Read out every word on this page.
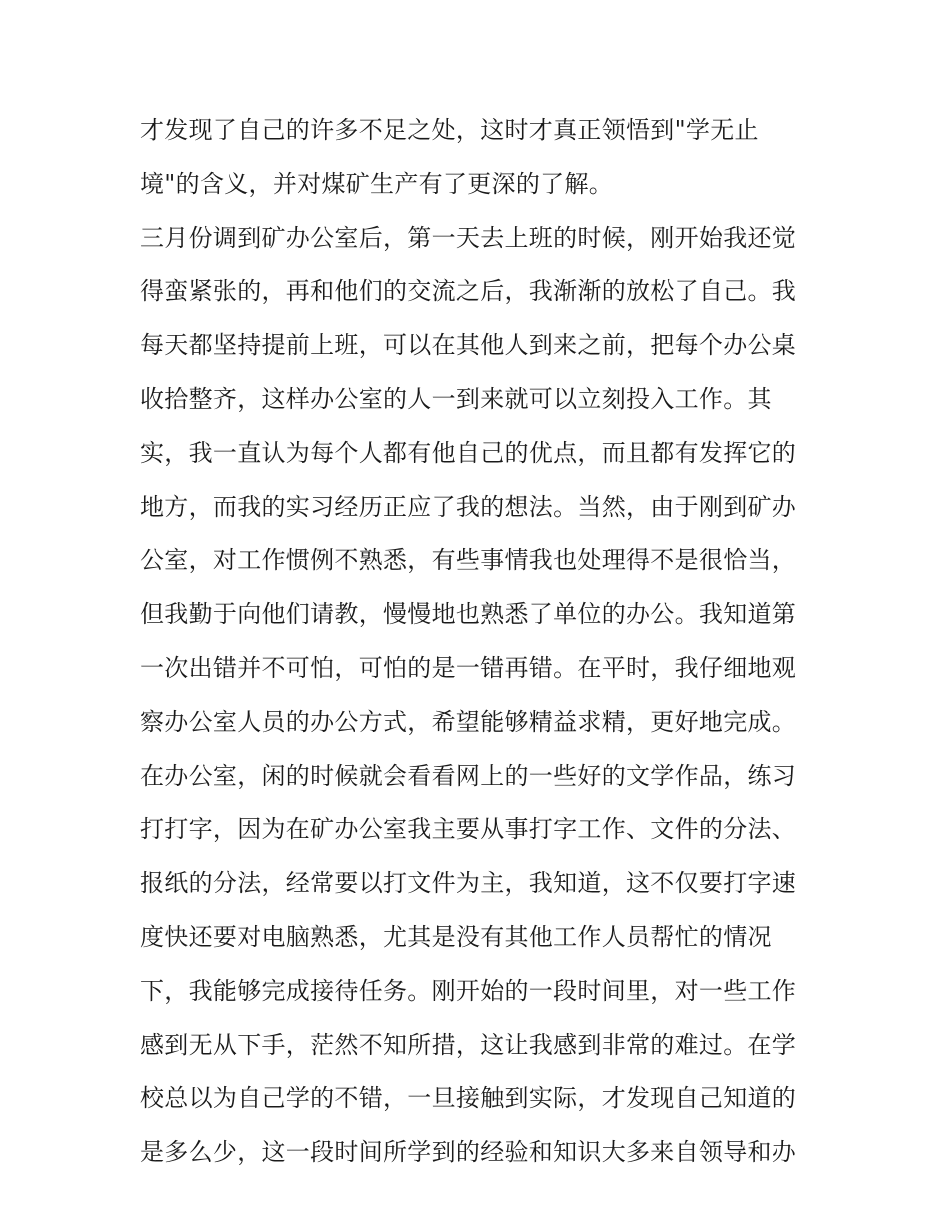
才发现了自己的许多不足之处，这时才真正领悟到"学无止
境"的含义，并对煤矿生产有了更深的了解。
三月份调到矿办公室后，第一天去上班的时候，刚开始我还觉
得蛮紧张的，再和他们的交流之后，我渐渐的放松了自己。我
每天都坚持提前上班，可以在其他人到来之前，把每个办公桌
收拾整齐，这样办公室的人一到来就可以立刻投入工作。其
实，我一直认为每个人都有他自己的优点，而且都有发挥它的
地方，而我的实习经历正应了我的想法。当然，由于刚到矿办
公室，对工作惯例不熟悉，有些事情我也处理得不是很恰当，
但我勤于向他们请教，慢慢地也熟悉了单位的办公。我知道第
一次出错并不可怕，可怕的是一错再错。在平时，我仔细地观
察办公室人员的办公方式，希望能够精益求精，更好地完成。
在办公室，闲的时候就会看看网上的一些好的文学作品，练习
打打字，因为在矿办公室我主要从事打字工作、文件的分法、
报纸的分法，经常要以打文件为主，我知道，这不仅要打字速
度快还要对电脑熟悉，尤其是没有其他工作人员帮忙的情况
下，我能够完成接待任务。刚开始的一段时间里，对一些工作
感到无从下手，茫然不知所措，这让我感到非常的难过。在学
校总以为自己学的不错，一旦接触到实际，才发现自己知道的
是多么少，这一段时间所学到的经验和知识大多来自领导和办
